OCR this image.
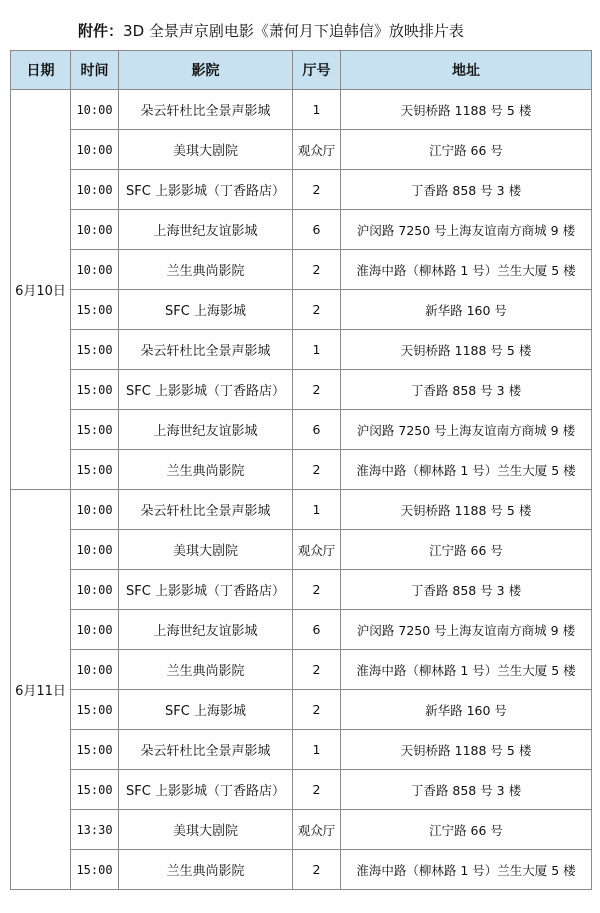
附件：3D 全景声京剧电影《萧何月下追韩信》放映排片表
日期	时间	影院	厅号	地址
6月10日	10:00	朵云轩杜比全景声影城	1	天钥桥路 1188 号 5 楼
	10:00	美琪大剧院	观众厅	江宁路 66 号
	10:00	SFC 上影影城（丁香路店）	2	丁香路 858 号 3 楼
	10:00	上海世纪友谊影城	6	沪闵路 7250 号上海友谊南方商城 9 楼
	10:00	兰生典尚影院	2	淮海中路（柳林路 1 号）兰生大厦 5 楼
	15:00	SFC 上海影城	2	新华路 160 号
	15:00	朵云轩杜比全景声影城	1	天钥桥路 1188 号 5 楼
	15:00	SFC 上影影城（丁香路店）	2	丁香路 858 号 3 楼
	15:00	上海世纪友谊影城	6	沪闵路 7250 号上海友谊南方商城 9 楼
	15:00	兰生典尚影院	2	淮海中路（柳林路 1 号）兰生大厦 5 楼
6月11日	10:00	朵云轩杜比全景声影城	1	天钥桥路 1188 号 5 楼
	10:00	美琪大剧院	观众厅	江宁路 66 号
	10:00	SFC 上影影城（丁香路店）	2	丁香路 858 号 3 楼
	10:00	上海世纪友谊影城	6	沪闵路 7250 号上海友谊南方商城 9 楼
	10:00	兰生典尚影院	2	淮海中路（柳林路 1 号）兰生大厦 5 楼
	15:00	SFC 上海影城	2	新华路 160 号
	15:00	朵云轩杜比全景声影城	1	天钥桥路 1188 号 5 楼
	15:00	SFC 上影影城（丁香路店）	2	丁香路 858 号 3 楼
	13:30	美琪大剧院	观众厅	江宁路 66 号
	15:00	兰生典尚影院	2	淮海中路（柳林路 1 号）兰生大厦 5 楼
